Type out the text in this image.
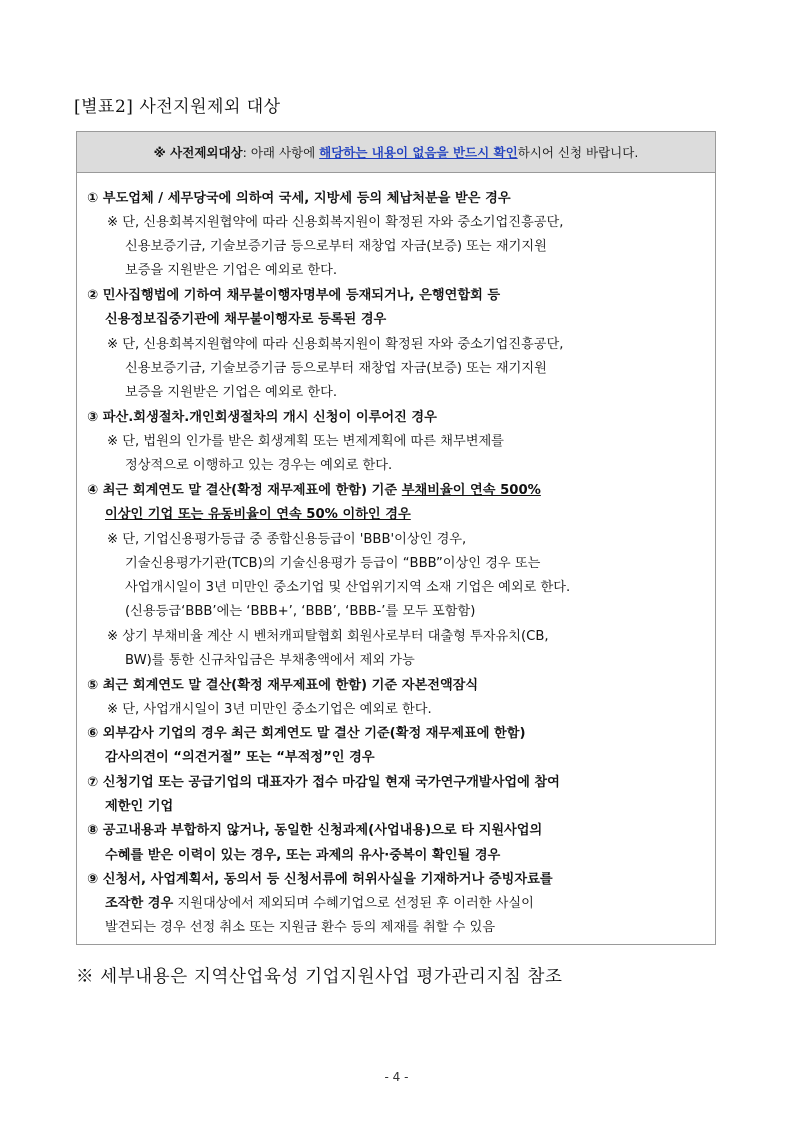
[별표2] 사전지원제외 대상
※ 사전제외대상: 아래 사항에 해당하는 내용이 없음을 반드시 확인하시어 신청 바랍니다.
① 부도업체 / 세무당국에 의하여 국세, 지방세 등의 체납처분을 받은 경우
※ 단, 신용회복지원협약에 따라 신용회복지원이 확정된 자와 중소기업진흥공단,
신용보증기금, 기술보증기금 등으로부터 재창업 자금(보증) 또는 재기지원
보증을 지원받은 기업은 예외로 한다.
② 민사집행법에 기하여 채무불이행자명부에 등재되거나, 은행연합회 등
신용정보집중기관에 채무불이행자로 등록된 경우
※ 단, 신용회복지원협약에 따라 신용회복지원이 확정된 자와 중소기업진흥공단,
신용보증기금, 기술보증기금 등으로부터 재창업 자금(보증) 또는 재기지원
보증을 지원받은 기업은 예외로 한다.
③ 파산.회생절차.개인회생절차의 개시 신청이 이루어진 경우
※ 단, 법원의 인가를 받은 회생계획 또는 변제계획에 따른 채무변제를
정상적으로 이행하고 있는 경우는 예외로 한다.
④ 최근 회계연도 말 결산(확정 재무제표에 한함) 기준 부채비율이 연속 500%
이상인 기업 또는 유동비율이 연속 50% 이하인 경우
※ 단, 기업신용평가등급 중 종합신용등급이 'BBB'이상인 경우,
기술신용평가기관(TCB)의 기술신용평가 등급이 “BBB”이상인 경우 또는
사업개시일이 3년 미만인 중소기업 및 산업위기지역 소재 기업은 예외로 한다.
(신용등급‘BBB’에는 ‘BBB+’, ‘BBB’, ‘BBB-’를 모두 포함함)
※ 상기 부채비율 계산 시 벤처캐피탈협회 회원사로부터 대출형 투자유치(CB,
BW)를 통한 신규차입금은 부채총액에서 제외 가능
⑤ 최근 회계연도 말 결산(확정 재무제표에 한함) 기준 자본전액잠식
※ 단, 사업개시일이 3년 미만인 중소기업은 예외로 한다.
⑥ 외부감사 기업의 경우 최근 회계연도 말 결산 기준(확정 재무제표에 한함)
감사의견이 “의견거절” 또는 “부적정”인 경우
⑦ 신청기업 또는 공급기업의 대표자가 접수 마감일 현재 국가연구개발사업에 참여
제한인 기업
⑧ 공고내용과 부합하지 않거나, 동일한 신청과제(사업내용)으로 타 지원사업의
수혜를 받은 이력이 있는 경우, 또는 과제의 유사·중복이 확인될 경우
⑨ 신청서, 사업계획서, 동의서 등 신청서류에 허위사실을 기재하거나 증빙자료를
조작한 경우 지원대상에서 제외되며 수혜기업으로 선정된 후 이러한 사실이
발견되는 경우 선정 취소 또는 지원금 환수 등의 제재를 취할 수 있음
※ 세부내용은 지역산업육성 기업지원사업 평가관리지침 참조
- 4 -
